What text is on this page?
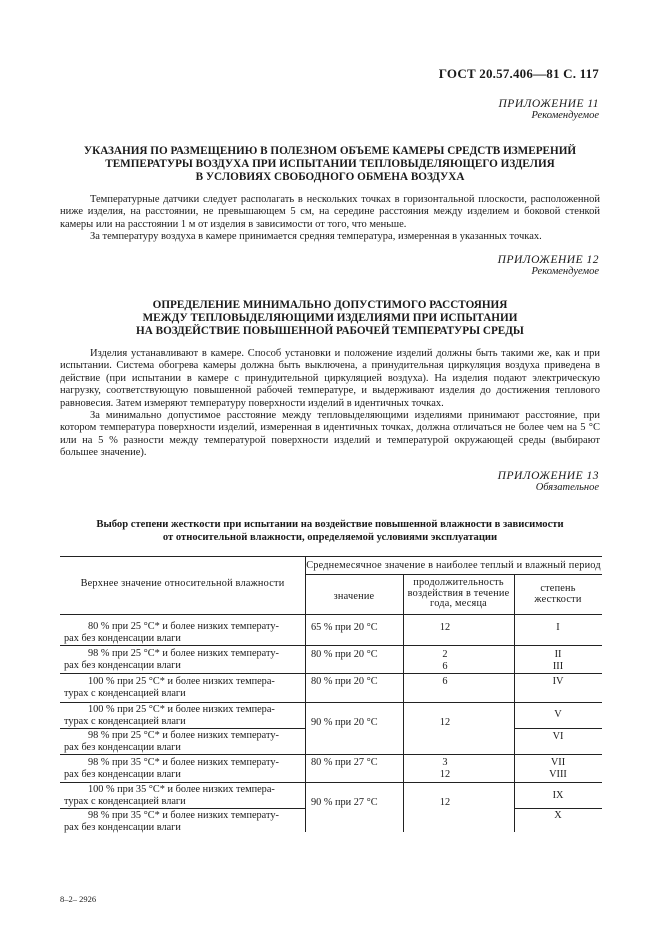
ГОСТ 20.57.406—81 С. 117
ПРИЛОЖЕНИЕ 11
Рекомендуемое
УКАЗАНИЯ ПО РАЗМЕЩЕНИЮ В ПОЛЕЗНОМ ОБЪЕМЕ КАМЕРЫ СРЕДСТВ ИЗМЕРЕНИЙ
ТЕМПЕРАТУРЫ ВОЗДУХА ПРИ ИСПЫТАНИИ ТЕПЛОВЫДЕЛЯЮЩЕГО ИЗДЕЛИЯ
В УСЛОВИЯХ СВОБОДНОГО ОБМЕНА ВОЗДУХА

Температурные датчики следует располагать в нескольких точках в горизонтальной плоскости, расположенной ниже изделия, на расстоянии, не превышающем 5 см, на середине расстояния между изделием и боковой стенкой камеры или на расстоянии 1 м от изделия в зависимости от того, что меньше.

За температуру воздуха в камере принимается средняя температура, измеренная в указанных точках.

ПРИЛОЖЕНИЕ 12
Рекомендуемое
ОПРЕДЕЛЕНИЕ МИНИМАЛЬНО ДОПУСТИМОГО РАССТОЯНИЯ
МЕЖДУ ТЕПЛОВЫДЕЛЯЮЩИМИ ИЗДЕЛИЯМИ ПРИ ИСПЫТАНИИ
НА ВОЗДЕЙСТВИЕ ПОВЫШЕННОЙ РАБОЧЕЙ ТЕМПЕРАТУРЫ СРЕДЫ

Изделия устанавливают в камере. Способ установки и положение изделий должны быть такими же, как и при испытании. Система обогрева камеры должна быть выключена, а принудительная циркуляция воздуха приведена в действие (при испытании в камере с принудительной циркуляцией воздуха). На изделия подают электрическую нагрузку, соответствующую повышенной рабочей температуре, и выдерживают изделия до достижения теплового равновесия. Затем измеряют температуру поверхности изделий в идентичных точках.

За минимально допустимое расстояние между тепловыделяющими изделиями принимают расстояние, при котором температура поверхности изделий, измеренная в идентичных точках, должна отличаться не более чем на 5 °С или на 5 % разности между температурой поверхности изделий и температурой окружающей среды (выбирают большее значение).

ПРИЛОЖЕНИЕ 13
Обязательное
Выбор степени жесткости при испытании на воздействие повышенной влажности в зависимости
от относительной влажности, определяемой условиями эксплуатации
Верхнее значение относительной влажности
Среднемесячное значение в наиболее теплый и влажный период
значение
продолжительность
воздействия в течение
года, месяца
степень
жесткости
80 % при 25 °С* и более низких температу-
рах без конденсации влаги
98 % при 25 °С* и более низких температу-
рах без конденсации влаги
100 % при 25 °С* и более низких темпера-
турах с конденсацией влаги
100 % при 25 °С* и более низких темпера-
турах с конденсацией влаги
98 % при 25 °С* и более низких температу-
рах без конденсации влаги
98 % при 35 °С* и более низких температу-
рах без конденсации влаги
100 % при 35 °С* и более низких темпера-
турах с конденсацией влаги
98 % при 35 °С* и более низких температу-
рах без конденсации влаги
65 % при 20 °С
80 % при 20 °С
80 % при 20 °С
90 % при 20 °С
80 % при 27 °С
90 % при 27 °С
12
2
6
6
12
3
12
12
I
II
III
IV
V
VI
VII
VIII
IX
X
8–2– 2926
